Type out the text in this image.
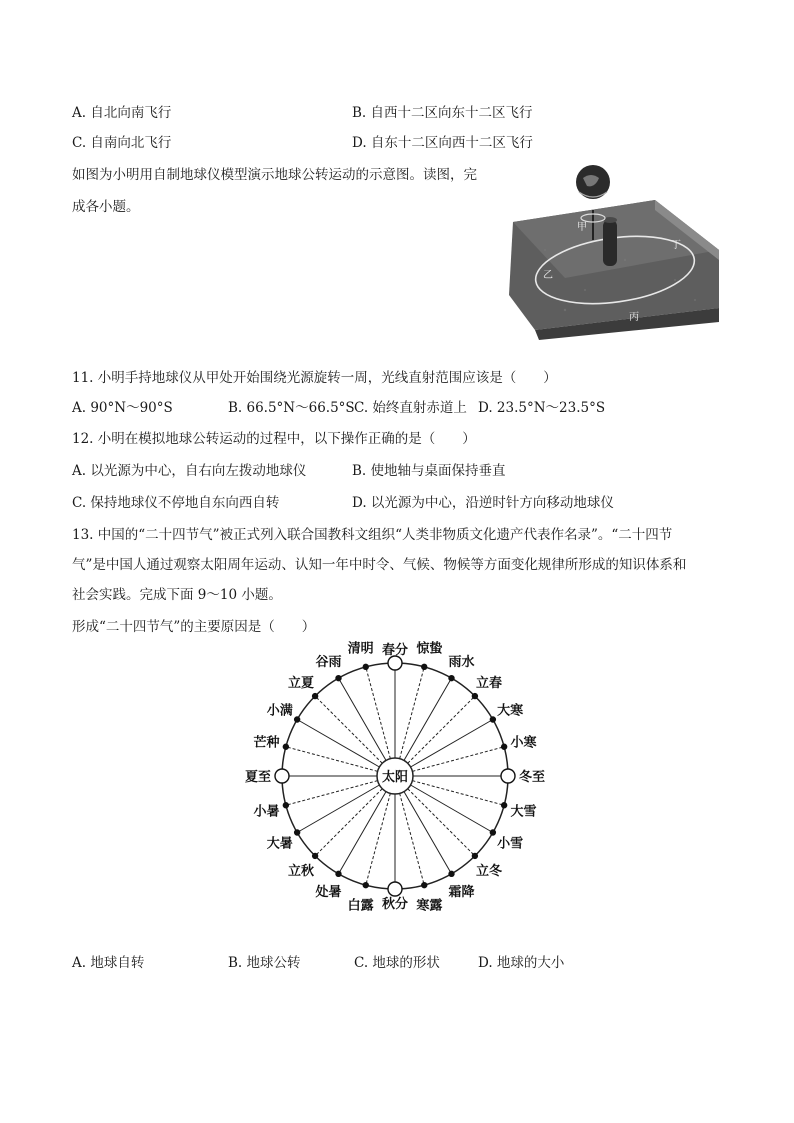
A. 自北向南飞行	B. 自西十二区向东十二区飞行
C. 自南向北飞行	D. 自东十二区向西十二区飞行
如图为小明用自制地球仪模型演示地球公转运动的示意图。读图，完
成各小题。
甲
乙
丁
丙
11. 小明手持地球仪从甲处开始围绕光源旋转一周，光线直射范围应该是（　　）
A. 90°N～90°S	B. 66.5°N～66.5°S C. 始终直射赤道上 D. 23.5°N～23.5°S
12. 小明在模拟地球公转运动的过程中，以下操作正确的是（　　）
A. 以光源为中心，自右向左拨动地球仪	B. 使地轴与桌面保持垂直
C. 保持地球仪不停地自东向西自转	D. 以光源为中心，沿逆时针方向移动地球仪
13. 中国的“二十四节气”被正式列入联合国教科文组织“人类非物质文化遗产代表作名录”。“二十四节
社会实践。完成下面 9～10 小题。
形成“二十四节气”的主要原因是（　　）
太阳
春分 惊蛰
雨水
立春
大寒
小寒
冬至
大雪
小雪
立冬
霜降
寒露
秋分
白露
处暑
立秋
大暑
小暑
夏至
芒种
小满
立夏
谷雨
清明
A. 地球自转	B. 地球公转	C. 地球的形状	D. 地球的大小
气”是中国人通过观察太阳周年运动、认知一年中时令、气候、物候等方面变化规律所形成的知识体系和
